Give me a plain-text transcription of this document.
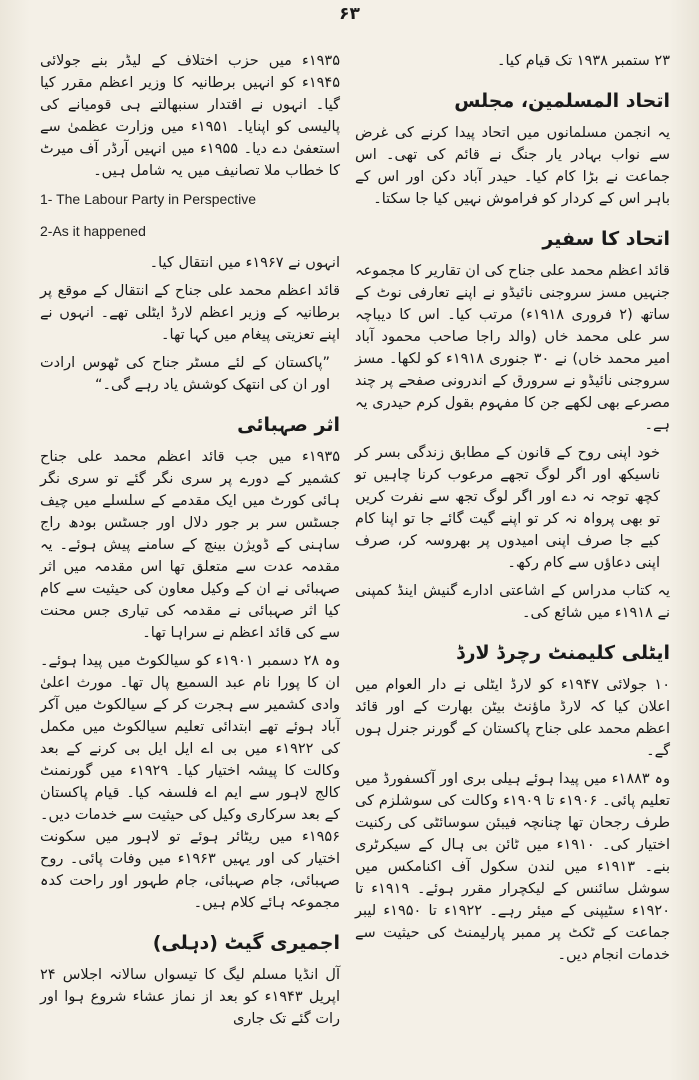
۶۳

۲۳ ستمبر ۱۹۳۸ تک قیام کیا۔

اتحاد المسلمین، مجلس

یہ انجمن مسلمانوں میں اتحاد پیدا کرنے کی غرض سے نواب بہادر یار جنگ نے قائم کی تھی۔ اس جماعت نے بڑا کام کیا۔ حیدر آباد دکن اور اس کے باہر اس کے کردار کو فراموش نہیں کیا جا سکتا۔

اتحاد کا سفیر

قائد اعظم محمد علی جناح کی ان تقاریر کا مجموعہ جنہیں مسز سروجنی نائیڈو نے اپنے تعارفی نوٹ کے ساتھ (۲ فروری ۱۹۱۸ء) مرتب کیا۔ اس کا دیباچہ سر علی محمد خاں (والد راجا صاحب محمود آباد امیر محمد خاں) نے ۳۰ جنوری ۱۹۱۸ء کو لکھا۔ مسز سروجنی نائیڈو نے سرورق کے اندرونی صفحے پر چند مصرعے بھی لکھے جن کا مفہوم بقول کرم حیدری یہ ہے۔

خود اپنی روح کے قانون کے مطابق زندگی بسر کر ناسیکھ اور اگر لوگ تجھے مرعوب کرنا چاہیں تو کچھ توجہ نہ دے اور اگر لوگ تجھ سے نفرت کریں تو بھی پرواہ نہ کر تو اپنے گیت گائے جا تو اپنا کام کیے جا صرف اپنی امیدوں پر بھروسہ کر، صرف اپنی دعاؤں سے کام رکھ۔

یہ کتاب مدراس کے اشاعتی ادارے گنیش اینڈ کمپنی نے ۱۹۱۸ء میں شائع کی۔

ایٹلی کلیمنٹ رچرڈ لارڈ

۱۰ جولائی ۱۹۴۷ء کو لارڈ ایٹلی نے دار العوام میں اعلان کیا کہ لارڈ ماؤنٹ بیٹن بھارت کے اور قائد اعظم محمد علی جناح پاکستان کے گورنر جنرل ہوں گے۔

وہ ۱۸۸۳ء میں پیدا ہوئے ہیلی بری اور آکسفورڈ میں تعلیم پائی۔ ۱۹۰۶ء تا ۱۹۰۹ء وکالت کی سوشلزم کی طرف رجحان تھا چنانچہ فیبئن سوسائٹی کی رکنیت اختیار کی۔ ۱۹۱۰ء میں ٹائن بی ہال کے سیکرٹری بنے۔ ۱۹۱۳ء میں لندن سکول آف اکنامکس میں سوشل سائنس کے لیکچرار مقرر ہوئے۔ ۱۹۱۹ء تا ۱۹۲۰ء سٹیپنی کے میئر رہے۔ ۱۹۲۲ء تا ۱۹۵۰ء لیبر جماعت کے ٹکٹ پر ممبر پارلیمنٹ کی حیثیت سے خدمات انجام دیں۔

۱۹۳۵ء میں حزب اختلاف کے لیڈر بنے جولائی ۱۹۴۵ء کو انہیں برطانیہ کا وزیر اعظم مقرر کیا گیا۔ انہوں نے اقتدار سنبھالتے ہی قومیانے کی پالیسی کو اپنایا۔ ۱۹۵۱ء میں وزارت عظمیٰ سے استعفیٰ دے دیا۔ ۱۹۵۵ء میں انہیں آرڈر آف میرٹ کا خطاب ملا تصانیف میں یہ شامل ہیں۔

1- The Labour Party in Perspective
2-As it happened

انہوں نے ۱۹۶۷ء میں انتقال کیا۔

قائد اعظم محمد علی جناح کے انتقال کے موقع پر برطانیہ کے وزیر اعظم لارڈ ایٹلی تھے۔ انہوں نے اپنے تعزیتی پیغام میں کہا تھا۔

”پاکستان کے لئے مسٹر جناح کی ٹھوس ارادت اور ان کی انتھک کوشش یاد رہے گی۔“

اثر صہبائی

۱۹۳۵ء میں جب قائد اعظم محمد علی جناح کشمیر کے دورے پر سری نگر گئے تو سری نگر ہائی کورٹ میں ایک مقدمے کے سلسلے میں چیف جسٹس سر بر جور دلال اور جسٹس بودھ راج ساہنی کے ڈویژن بینچ کے سامنے پیش ہوئے۔ یہ مقدمہ عدت سے متعلق تھا اس مقدمہ میں اثر صہبائی نے ان کے وکیل معاون کی حیثیت سے کام کیا اثر صہبائی نے مقدمہ کی تیاری جس محنت سے کی قائد اعظم نے سراہا تھا۔

وہ ۲۸ دسمبر ۱۹۰۱ء کو سیالکوٹ میں پیدا ہوئے۔ ان کا پورا نام عبد السمیع پال تھا۔ مورث اعلیٰ وادی کشمیر سے ہجرت کر کے سیالکوٹ میں آکر آباد ہوئے تھے ابتدائی تعلیم سیالکوٹ میں مکمل کی ۱۹۲۲ء میں بی اے ایل ایل بی کرنے کے بعد وکالت کا پیشہ اختیار کیا۔ ۱۹۲۹ء میں گورنمنٹ کالج لاہور سے ایم اے فلسفہ کیا۔ قیام پاکستان کے بعد سرکاری وکیل کی حیثیت سے خدمات دیں۔ ۱۹۵۶ء میں ریٹائر ہوئے تو لاہور میں سکونت اختیار کی اور یہیں ۱۹۶۳ء میں وفات پائی۔ روح صہبائی، جام صہبائی، جام طہور اور راحت کدہ مجموعہ ہائے کلام ہیں۔

اجمیری گیٹ (دہلی)

آل انڈیا مسلم لیگ کا تیسواں سالانہ اجلاس ۲۴ اپریل ۱۹۴۳ء کو بعد از نماز عشاء شروع ہوا اور رات گئے تک جاری
